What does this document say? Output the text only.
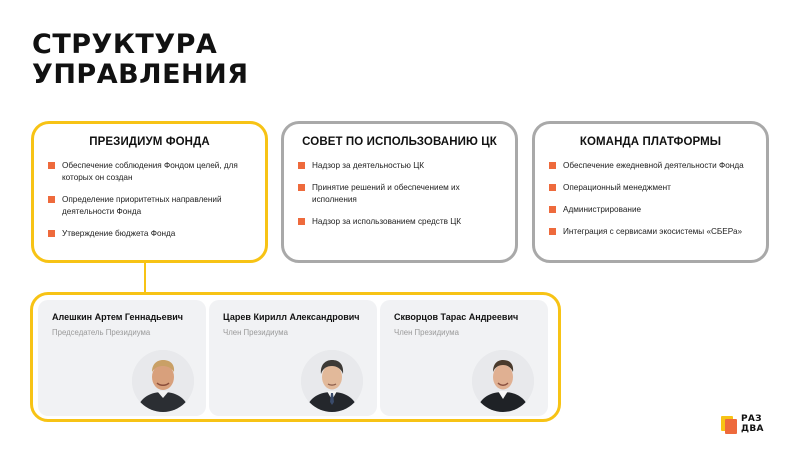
СТРУКТУРА
УПРАВЛЕНИЯ
ПРЕЗИДИУМ ФОНДА
Обеспечение соблюдения Фондом целей, для которых он создан
Определение приоритетных направлений деятельности Фонда
Утверждение бюджета Фонда
СОВЕТ ПО ИСПОЛЬЗОВАНИЮ ЦК
Надзор за деятельностью ЦК
Принятие решений и обеспечением их исполнения
Надзор за использованием средств ЦК
КОМАНДА ПЛАТФОРМЫ
Обеспечение ежедневной деятельности Фонда
Операционный менеджмент
Администрирование
Интеграция с сервисами экосистемы «СБЕРа»
Алешкин Артем Геннадьевич
Председатель Президиума
Царев Кирилл Александрович
Член Президиума
Скворцов Тарас Андреевич
Член Президиума
РАЗ
ДВА
